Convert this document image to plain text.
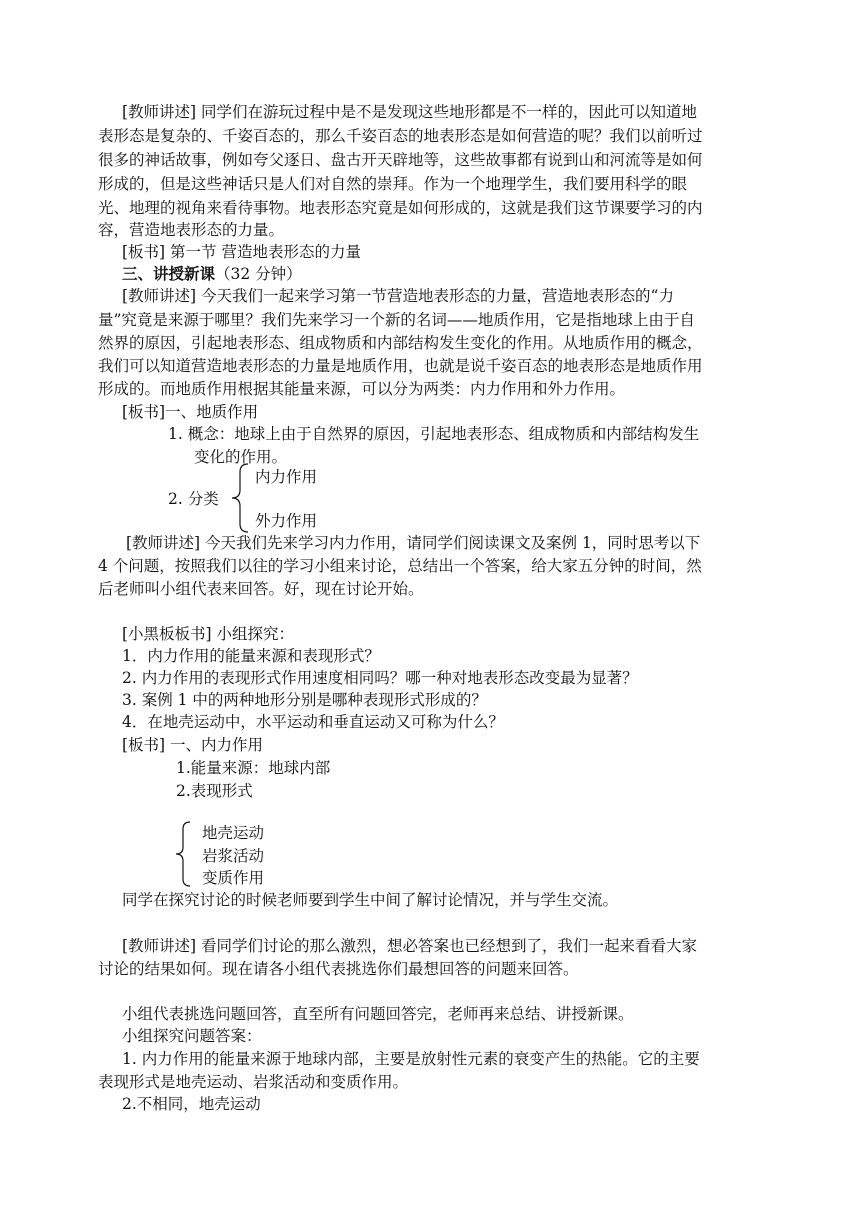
[教师讲述] 同学们在游玩过程中是不是发现这些地形都是不一样的，因此可以知道地
表形态是复杂的、千姿百态的，那么千姿百态的地表形态是如何营造的呢？我们以前听过
很多的神话故事，例如夸父逐日、盘古开天辟地等，这些故事都有说到山和河流等是如何
形成的，但是这些神话只是人们对自然的崇拜。作为一个地理学生，我们要用科学的眼
光、地理的视角来看待事物。地表形态究竟是如何形成的，这就是我们这节课要学习的内
容，营造地表形态的力量。
[板书] 第一节 营造地表形态的力量
三、讲授新课（32 分钟）
[教师讲述] 今天我们一起来学习第一节营造地表形态的力量，营造地表形态的“力
量”究竟是来源于哪里？我们先来学习一个新的名词——地质作用，它是指地球上由于自
然界的原因，引起地表形态、组成物质和内部结构发生变化的作用。从地质作用的概念，
我们可以知道营造地表形态的力量是地质作用，也就是说千姿百态的地表形态是地质作用
形成的。而地质作用根据其能量来源，可以分为两类：内力作用和外力作用。
[板书]一、地质作用
1. 概念：地球上由于自然界的原因，引起地表形态、组成物质和内部结构发生
变化的作用。
2. 分类
内力作用
外力作用
[教师讲述] 今天我们先来学习内力作用，请同学们阅读课文及案例 1，同时思考以下
4 个问题，按照我们以往的学习小组来讨论，总结出一个答案，给大家五分钟的时间，然
后老师叫小组代表来回答。好，现在讨论开始。
[小黑板板书] 小组探究：
1．内力作用的能量来源和表现形式？
2. 内力作用的表现形式作用速度相同吗？哪一种对地表形态改变最为显著？
3. 案例 1 中的两种地形分别是哪种表现形式形成的？
4．在地壳运动中，水平运动和垂直运动又可称为什么？
[板书] 一、内力作用
1.能量来源：地球内部
2.表现形式
地壳运动
岩浆活动
变质作用
同学在探究讨论的时候老师要到学生中间了解讨论情况，并与学生交流。
[教师讲述] 看同学们讨论的那么激烈，想必答案也已经想到了，我们一起来看看大家
讨论的结果如何。现在请各小组代表挑选你们最想回答的问题来回答。
小组代表挑选问题回答，直至所有问题回答完，老师再来总结、讲授新课。
小组探究问题答案：
1. 内力作用的能量来源于地球内部，主要是放射性元素的衰变产生的热能。它的主要
表现形式是地壳运动、岩浆活动和变质作用。
2.不相同，地壳运动
